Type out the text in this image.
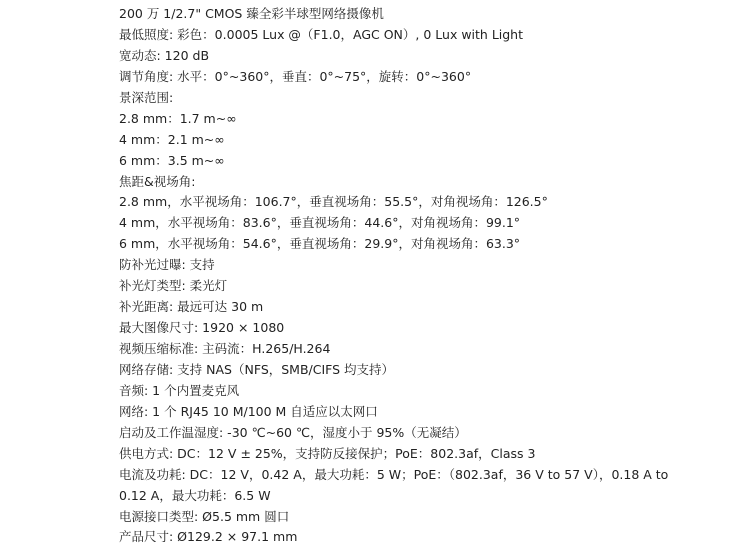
200 万 1/2.7" CMOS 臻全彩半球型网络摄像机
最低照度: 彩色：0.0005 Lux @（F1.0，AGC ON）, 0 Lux with Light
宽动态: 120 dB
调节角度: 水平：0°~360°，垂直：0°~75°，旋转：0°~360°
景深范围:
2.8 mm：1.7 m~∞
4 mm：2.1 m~∞
6 mm：3.5 m~∞
焦距&视场角:
2.8 mm，水平视场角：106.7°，垂直视场角：55.5°，对角视场角：126.5°
4 mm，水平视场角：83.6°，垂直视场角：44.6°，对角视场角：99.1°
6 mm，水平视场角：54.6°，垂直视场角：29.9°，对角视场角：63.3°
防补光过曝: 支持
补光灯类型: 柔光灯
补光距离: 最远可达 30 m
最大图像尺寸: 1920 × 1080
视频压缩标准: 主码流：H.265/H.264
网络存储: 支持 NAS（NFS，SMB/CIFS 均支持）
音频: 1 个内置麦克风
网络: 1 个 RJ45 10 M/100 M 自适应以太网口
启动及工作温湿度: -30 ℃~60 ℃，湿度小于 95%（无凝结）
供电方式: DC：12 V ± 25%，支持防反接保护；PoE：802.3af，Class 3
电流及功耗: DC：12 V，0.42 A，最大功耗：5 W；PoE：（802.3af，36 V to 57 V），0.18 A to
0.12 A，最大功耗：6.5 W
电源接口类型: Ø5.5 mm 圆口
产品尺寸: Ø129.2 × 97.1 mm
